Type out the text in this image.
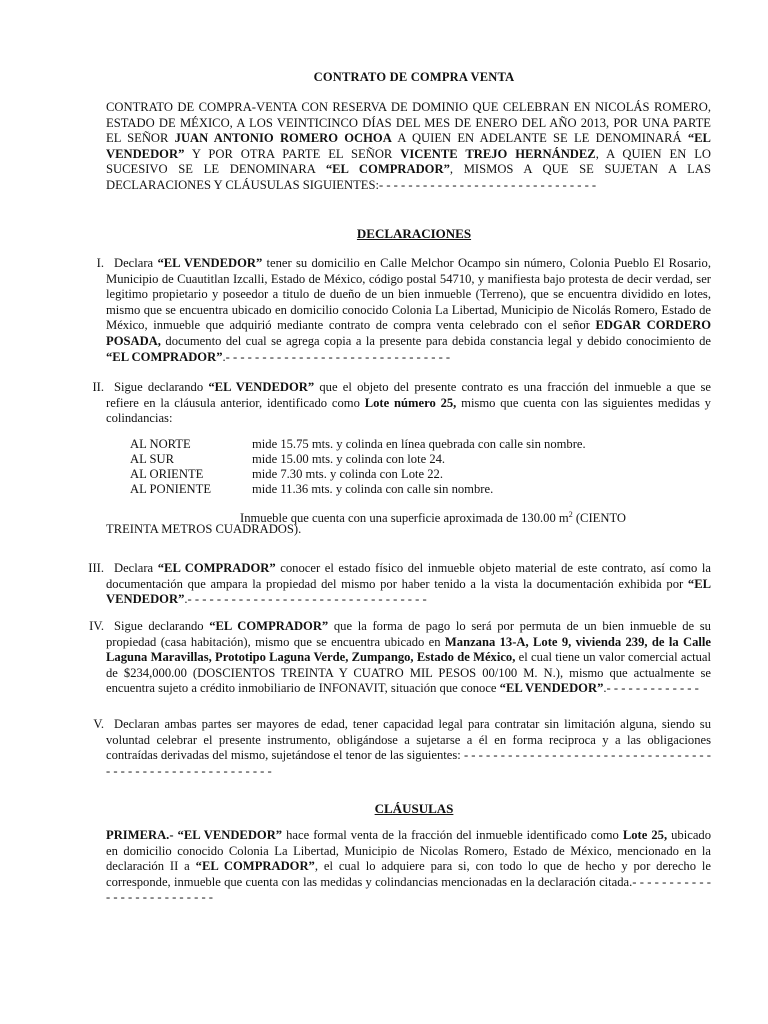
CONTRATO DE COMPRA VENTA
CONTRATO DE COMPRA-VENTA CON RESERVA DE DOMINIO QUE CELEBRAN EN NICOLÁS ROMERO, ESTADO DE MÉXICO, A LOS VEINTICINCO DÍAS DEL MES DE ENERO DEL AÑO 2013, POR UNA PARTE EL SEÑOR JUAN ANTONIO ROMERO OCHOA A QUIEN EN ADELANTE SE LE DENOMINARÁ “EL VENDEDOR” Y POR OTRA PARTE EL SEÑOR VICENTE TREJO HERNÁNDEZ, A QUIEN EN LO SUCESIVO SE LE DENOMINARA “EL COMPRADOR”, MISMOS A QUE SE SUJETAN A LAS DECLARACIONES Y CLÁUSULAS SIGUIENTES:- - - - - - - - - - - - - - - - - - - - - - - - - - - - - -
DECLARACIONES
I. Declara “EL VENDEDOR” tener su domicilio en Calle Melchor Ocampo sin número, Colonia Pueblo El Rosario, Municipio de Cuautitlan Izcalli, Estado de México, código postal 54710, y manifiesta bajo protesta de decir verdad, ser legitimo propietario y poseedor a titulo de dueño de un bien inmueble (Terreno), que se encuentra dividido en lotes, mismo que se encuentra ubicado en domicilio conocido Colonia La Libertad, Municipio de Nicolás Romero, Estado de México, inmueble que adquirió mediante contrato de compra venta celebrado con el señor EDGAR CORDERO POSADA, documento del cual se agrega copia a la presente para debida constancia legal y debido conocimiento de “EL COMPRADOR”.- - - - - - - - - - - - - - - - - - - - - - - - - - - - - - -
II. Sigue declarando “EL VENDEDOR” que el objeto del presente contrato es una fracción del inmueble a que se refiere en la cláusula anterior, identificado como Lote número 25, mismo que cuenta con las siguientes medidas y colindancias:
AL NORTE	mide 15.75 mts. y colinda en línea quebrada con calle sin nombre.
AL SUR	mide 15.00 mts. y colinda con lote 24.
AL ORIENTE	mide 7.30 mts. y colinda con Lote 22.
AL PONIENTE	mide 11.36 mts. y colinda con calle sin nombre.
Inmueble que cuenta con una superficie aproximada de 130.00 $m^2$ (CIENTO
TREINTA METROS CUADRADOS).
III. Declara “EL COMPRADOR” conocer el estado físico del inmueble objeto material de este contrato, así como la documentación que ampara la propiedad del mismo por haber tenido a la vista la documentación exhibida por “EL VENDEDOR”.- - - - - - - - - - - - - - - - - - - - - - - - - - - - - - - - -
IV. Sigue declarando “EL COMPRADOR” que la forma de pago lo será por permuta de un bien inmueble de su propiedad (casa habitación), mismo que se encuentra ubicado en Manzana 13-A, Lote 9, vivienda 239, de la Calle Laguna Maravillas, Prototipo Laguna Verde, Zumpango, Estado de México, el cual tiene un valor comercial actual de $234,000.00 (DOSCIENTOS TREINTA Y CUATRO MIL PESOS 00/100 M. N.), mismo que actualmente se encuentra sujeto a crédito inmobiliario de INFONAVIT, situación que conoce “EL VENDEDOR”.- - - - - - - - - - - - -
V. Declaran ambas partes ser mayores de edad, tener capacidad legal para contratar sin limitación alguna, siendo su voluntad celebrar el presente instrumento, obligándose a sujetarse a él en forma reciproca y a las obligaciones contraídas derivadas del mismo, sujetándose el tenor de las siguientes: - - - - - - - - - - - - - - - - - - - - - - - - - - - - - - - - - - - - - - - - - - - - - - - - - - - - - - - - -
CLÁUSULAS
PRIMERA.- “EL VENDEDOR” hace formal venta de la fracción del inmueble identificado como Lote 25, ubicado en domicilio conocido Colonia La Libertad, Municipio de Nicolas Romero, Estado de México, mencionado en la declaración II a “EL COMPRADOR”, el cual lo adquiere para si, con todo lo que de hecho y por derecho le corresponde, inmueble que cuenta con las medidas y colindancias mencionadas en la declaración citada.- - - - - - - - - - - - - - - - - - - - - - - - - -
